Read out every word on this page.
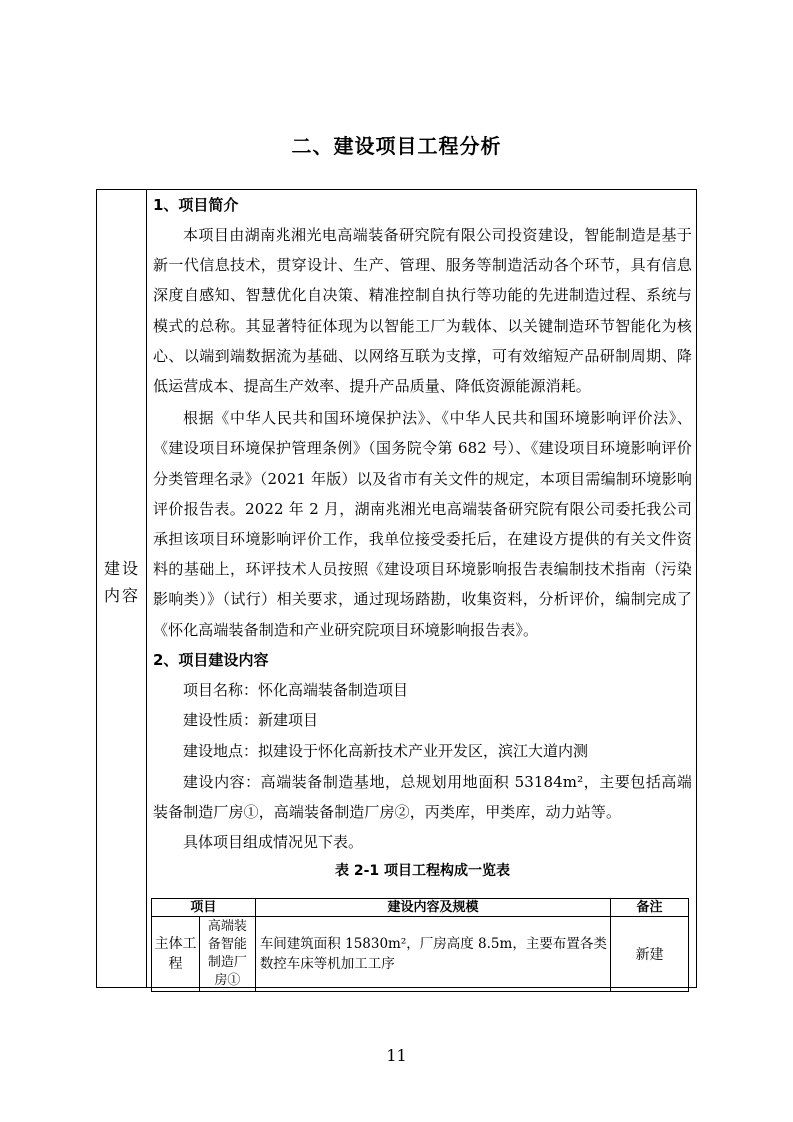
二、建设项目工程分析
建设
内容

1、项目简介

本项目由湖南兆湘光电高端装备研究院有限公司投资建设，智能制造是基于新一代信息技术，贯穿设计、生产、管理、服务等制造活动各个环节，具有信息深度自感知、智慧优化自决策、精准控制自执行等功能的先进制造过程、系统与模式的总称。其显著特征体现为以智能工厂为载体、以关键制造环节智能化为核心、以端到端数据流为基础、以网络互联为支撑，可有效缩短产品研制周期、降低运营成本、提高生产效率、提升产品质量、降低资源能源消耗。

根据《中华人民共和国环境保护法》、《中华人民共和国环境影响评价法》、《建设项目环境保护管理条例》（国务院令第 682 号）、《建设项目环境影响评价分类管理名录》（2021 年版）以及省市有关文件的规定，本项目需编制环境影响评价报告表。2022 年 2 月，湖南兆湘光电高端装备研究院有限公司委托我公司承担该项目环境影响评价工作，我单位接受委托后，在建设方提供的有关文件资料的基础上，环评技术人员按照《建设项目环境影响报告表编制技术指南（污染影响类）》（试行）相关要求，通过现场踏勘，收集资料，分析评价，编制完成了《怀化高端装备制造和产业研究院项目环境影响报告表》。

2、项目建设内容

项目名称：怀化高端装备制造项目

建设性质：新建项目

建设地点：拟建设于怀化高新技术产业开发区，滨江大道内测

建设内容：高端装备制造基地，总规划用地面积 53184m²，主要包括高端装备制造厂房①，高端装备制造厂房②，丙类库，甲类库，动力站等。

具体项目组成情况见下表。

表 2-1 项目工程构成一览表
项目		建设内容及规模	备注
主体工程	高端装备智能制造厂房①	车间建筑面积 15830m²，厂房高度 8.5m，主要布置各类数控车床等机加工工序	新建
11
